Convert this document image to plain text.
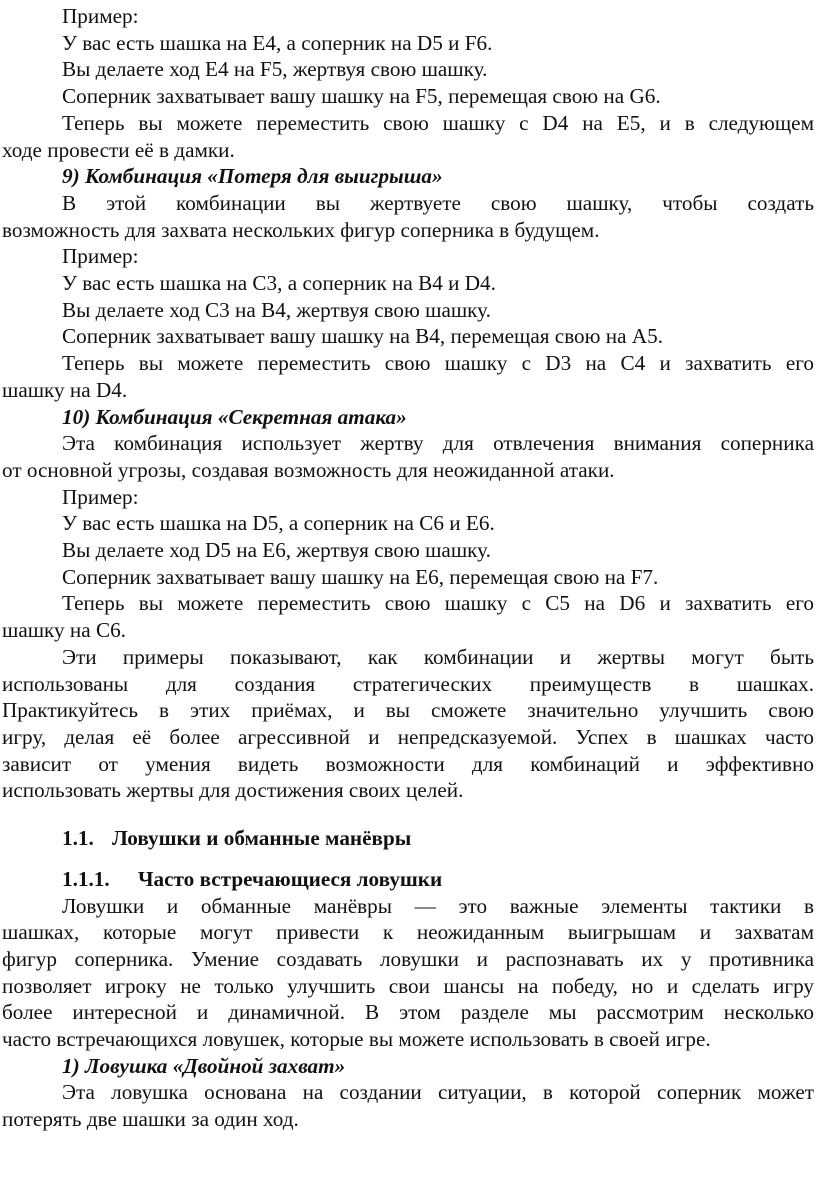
Пример:

У вас есть шашка на E4, а соперник на D5 и F6.

Вы делаете ход E4 на F5, жертвуя свою шашку.

Соперник захватывает вашу шашку на F5, перемещая свою на G6.

Теперь вы можете переместить свою шашку с D4 на E5, и в следующем
ходе провести её в дамки.

9) Комбинация «Потеря для выигрыша»

В этой комбинации вы жертвуете свою шашку, чтобы создать
возможность для захвата нескольких фигур соперника в будущем.

Пример:

У вас есть шашка на C3, а соперник на B4 и D4.

Вы делаете ход C3 на B4, жертвуя свою шашку.

Соперник захватывает вашу шашку на B4, перемещая свою на A5.

Теперь вы можете переместить свою шашку с D3 на C4 и захватить его
шашку на D4.

10) Комбинация «Секретная атака»

Эта комбинация использует жертву для отвлечения внимания соперника
от основной угрозы, создавая возможность для неожиданной атаки.

Пример:

У вас есть шашка на D5, а соперник на C6 и E6.

Вы делаете ход D5 на E6, жертвуя свою шашку.

Соперник захватывает вашу шашку на E6, перемещая свою на F7.

Теперь вы можете переместить свою шашку с C5 на D6 и захватить его
шашку на C6.

Эти примеры показывают, как комбинации и жертвы могут быть
использованы для создания стратегических преимуществ в шашках.
Практикуйтесь в этих приёмах, и вы сможете значительно улучшить свою
игру, делая её более агрессивной и непредсказуемой. Успех в шашках часто
зависит от умения видеть возможности для комбинаций и эффективно
использовать жертвы для достижения своих целей.

1.1. Ловушки и обманные манёвры

1.1.1. Часто встречающиеся ловушки

Ловушки и обманные манёвры — это важные элементы тактики в
шашках, которые могут привести к неожиданным выигрышам и захватам
фигур соперника. Умение создавать ловушки и распознавать их у противника
позволяет игроку не только улучшить свои шансы на победу, но и сделать игру
более интересной и динамичной. В этом разделе мы рассмотрим несколько
часто встречающихся ловушек, которые вы можете использовать в своей игре.

1) Ловушка «Двойной захват»

Эта ловушка основана на создании ситуации, в которой соперник может
потерять две шашки за один ход.
